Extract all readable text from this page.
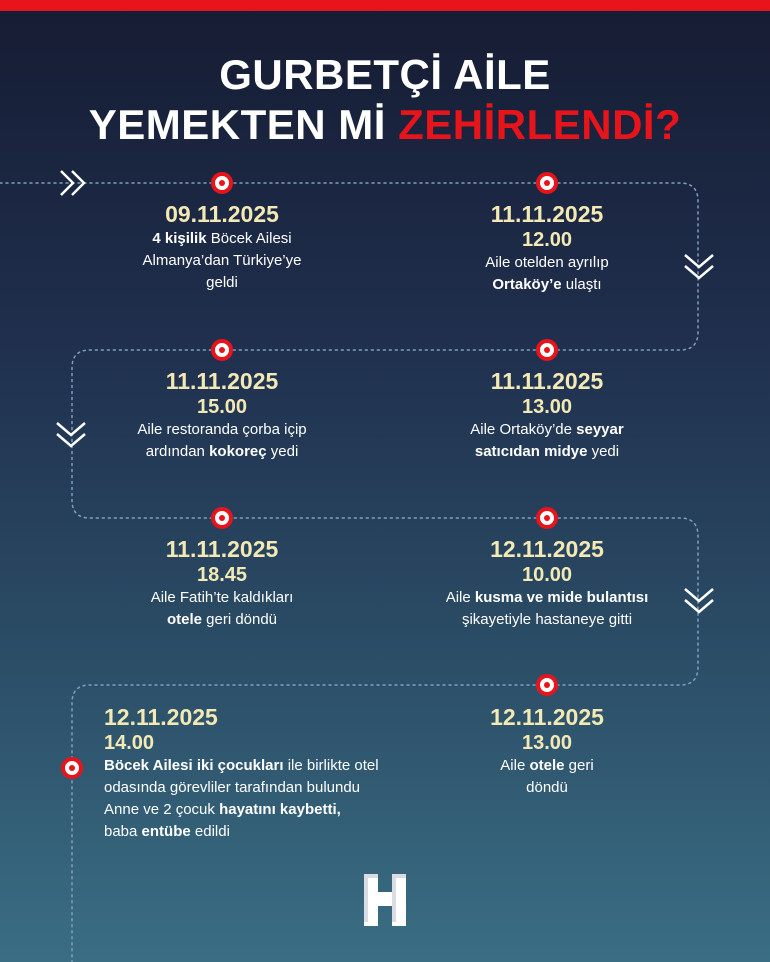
GURBETÇİ AİLE
YEMEKTEN Mİ ZEHİRLENDİ?
09.11.2025
4 kişilik Böcek Ailesi
Almanya’dan Türkiye’ye
geldi
11.11.2025
12.00
Aile otelden ayrılıp
Ortaköy’e ulaştı
11.11.2025
15.00
Aile restoranda çorba içip
ardından kokoreç yedi
11.11.2025
13.00
Aile Ortaköy’de seyyar
satıcıdan midye yedi
11.11.2025
18.45
Aile Fatih’te kaldıkları
otele geri döndü
12.11.2025
10.00
Aile kusma ve mide bulantısı
şikayetiyle hastaneye gitti
12.11.2025
14.00
Böcek Ailesi iki çocukları ile birlikte otel
odasında görevliler tarafından bulundu
Anne ve 2 çocuk hayatını kaybetti,
baba entübe edildi
12.11.2025
13.00
Aile otele geri
döndü
